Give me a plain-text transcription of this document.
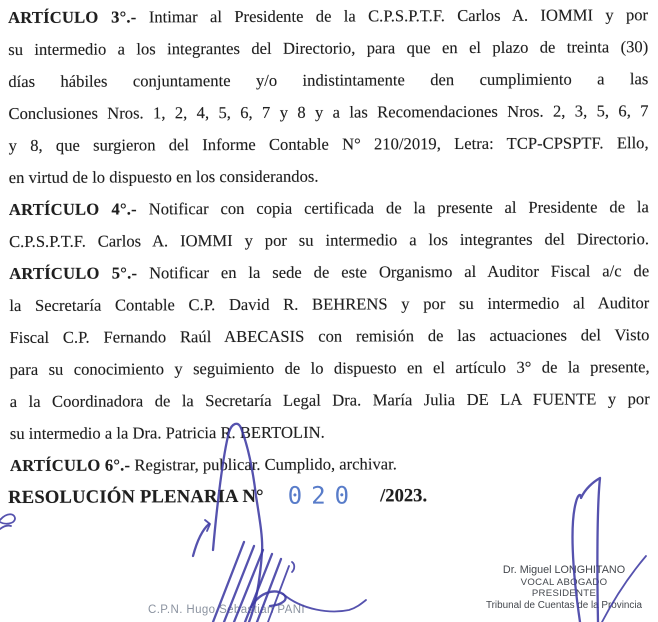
ARTÍCULO 3°.- Intimar al Presidente de la C.P.S.P.T.F. Carlos A. IOMMI y por
su intermedio a los integrantes del Directorio, para que en el plazo de treinta (30)
días hábiles conjuntamente y/o indistintamente den cumplimiento a las
Conclusiones Nros. 1, 2, 4, 5, 6, 7 y 8 y a las Recomendaciones Nros. 2, 3, 5, 6, 7
y 8, que surgieron del Informe Contable N° 210/2019, Letra: TCP-CPSPTF. Ello,
en virtud de lo dispuesto en los considerandos.
ARTÍCULO 4°.- Notificar con copia certificada de la presente al Presidente de la
C.P.S.P.T.F. Carlos A. IOMMI y por su intermedio a los integrantes del Directorio.
ARTÍCULO 5°.- Notificar en la sede de este Organismo al Auditor Fiscal a/c de
la Secretaría Contable C.P. David R. BEHRENS y por su intermedio al Auditor
Fiscal C.P. Fernando Raúl ABECASIS con remisión de las actuaciones del Visto
para su conocimiento y seguimiento de lo dispuesto en el artículo 3° de la presente,
a la Coordinadora de la Secretaría Legal Dra. María Julia DE LA FUENTE y por
su intermedio a la Dra. Patricia R. BERTOLIN.
ARTÍCULO 6°.- Registrar, publicar. Cumplido, archivar.
RESOLUCIÓN PLENARIA N° 020 /2023.
C.P.N. Hugo Sebastián PANI
Dr. Miguel LONGHITANO
VOCAL ABOGADO
PRESIDENTE
Tribunal de Cuentas de la Provincia
